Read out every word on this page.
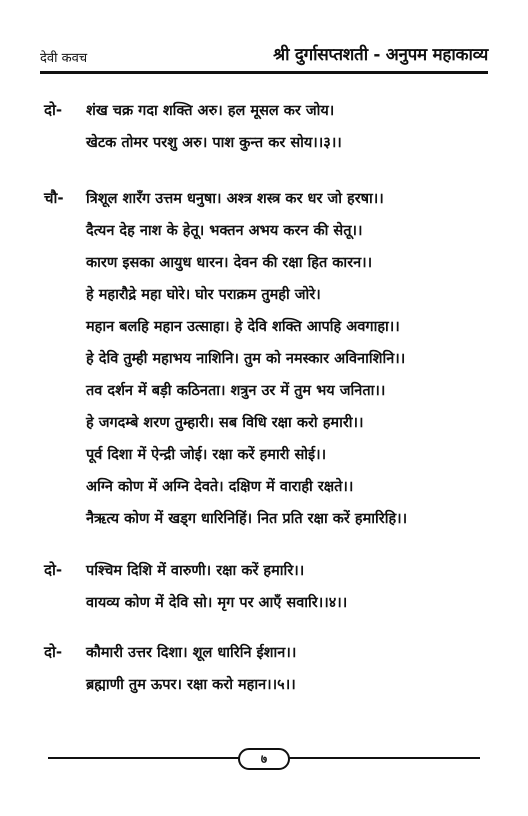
देवी कवच	श्री दुर्गासप्तशती - अनुपम महाकाव्य
दो- शंख चक्र गदा शक्ति अरु। हल मूसल कर जोय।
खेटक तोमर परशु अरु। पाश कुन्त कर सोय।।३।।
चौ- त्रिशूल शारँग उत्तम धनुषा। अश्त्र शस्त्र कर धर जो हरषा।।
दैत्यन देह नाश के हेतू। भक्तन अभय करन की सेतू।।
कारण इसका आयुध धारन। देवन की रक्षा हित कारन।।
हे महारौद्रे महा घोरे। घोर पराक्रम तुमही जोरे।
महान बलहि महान उत्साहा। हे देवि शक्ति आपहि अवगाहा।।
हे देवि तुम्ही महाभय नाशिनि। तुम को नमस्कार अविनाशिनि।।
तव दर्शन में बड़ी कठिनता। शत्रुन उर में तुम भय जनिता।।
हे जगदम्बे शरण तुम्हारी। सब विधि रक्षा करो हमारी।।
पूर्व दिशा में ऐन्द्री जोई। रक्षा करें हमारी सोई।।
अग्नि कोण में अग्नि देवते। दक्षिण में वाराही रक्षते।।
नैऋत्य कोण में खड्ग धारिनिहिं। नित प्रति रक्षा करें हमारिहि।।
दो- पश्चिम दिशि में वारुणी। रक्षा करें हमारि।।
वायव्य कोण में देवि सो। मृग पर आएँ सवारि।।४।।
दो- कौमारी उत्तर दिशा। शूल धारिनि ईशान।।
ब्रह्माणी तुम ऊपर। रक्षा करो महान।।५।।
७
